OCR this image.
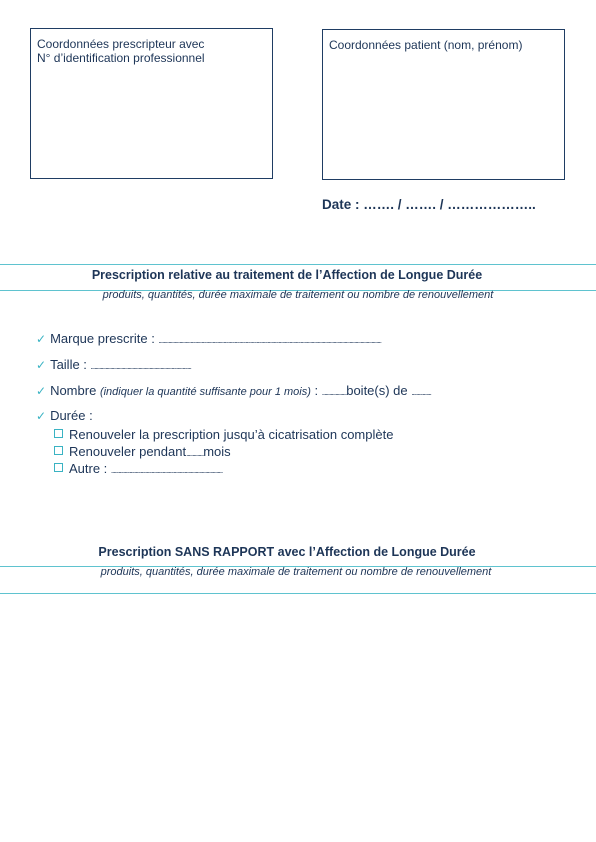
Coordonnées prescripteur avec
N° d’identification professionnel
Coordonnées patient (nom, prénom)
Date : ……. / ……. / ………………..
Prescription relative au traitement de l’Affection de Longue Durée
produits, quantités, durée maximale de traitement ou nombre de renouvellement
✓ Marque prescrite : ......................................................................................................................................................................................
✓ Taille : ..................................................................................
✓ Nombre (indiquer la quantité suffisante pour 1 mois) : ....................boite(s) de ................
✓ Durée :
Renouveler la prescription jusqu’à cicatrisation complète
Renouveler pendant..............mois
Autre : ...........................................................................................
Prescription SANS RAPPORT avec l’Affection de Longue Durée
produits, quantités, durée maximale de traitement ou nombre de renouvellement
